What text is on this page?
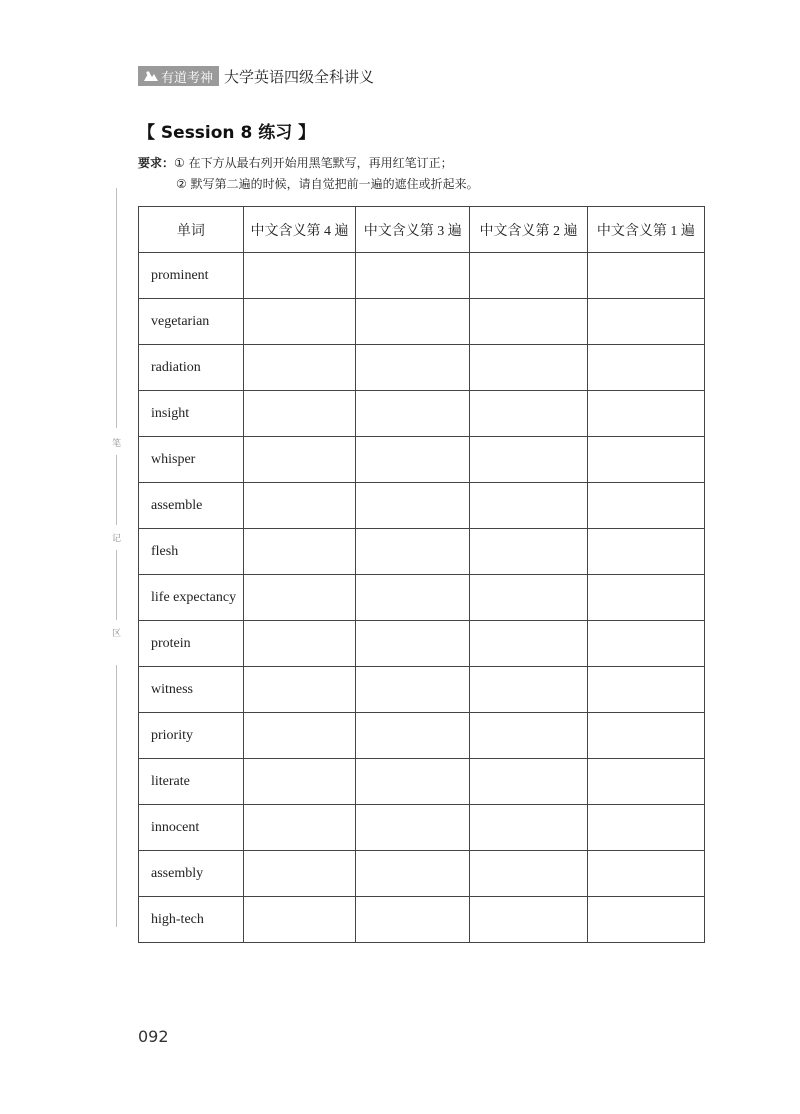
有道考神 大学英语四级全科讲义
【 Session 8 练习 】
要求：① 在下方从最右列开始用黑笔默写，再用红笔订正；
② 默写第二遍的时候，请自觉把前一遍的遮住或折起来。
笔
记
区
单词	中文含义第 4 遍	中文含义第 3 遍	中文含义第 2 遍	中文含义第 1 遍
prominent				
vegetarian				
radiation				
insight				
whisper				
assemble				
flesh				
life expectancy				
protein				
witness				
priority				
literate				
innocent				
assembly				
high-tech				
092
